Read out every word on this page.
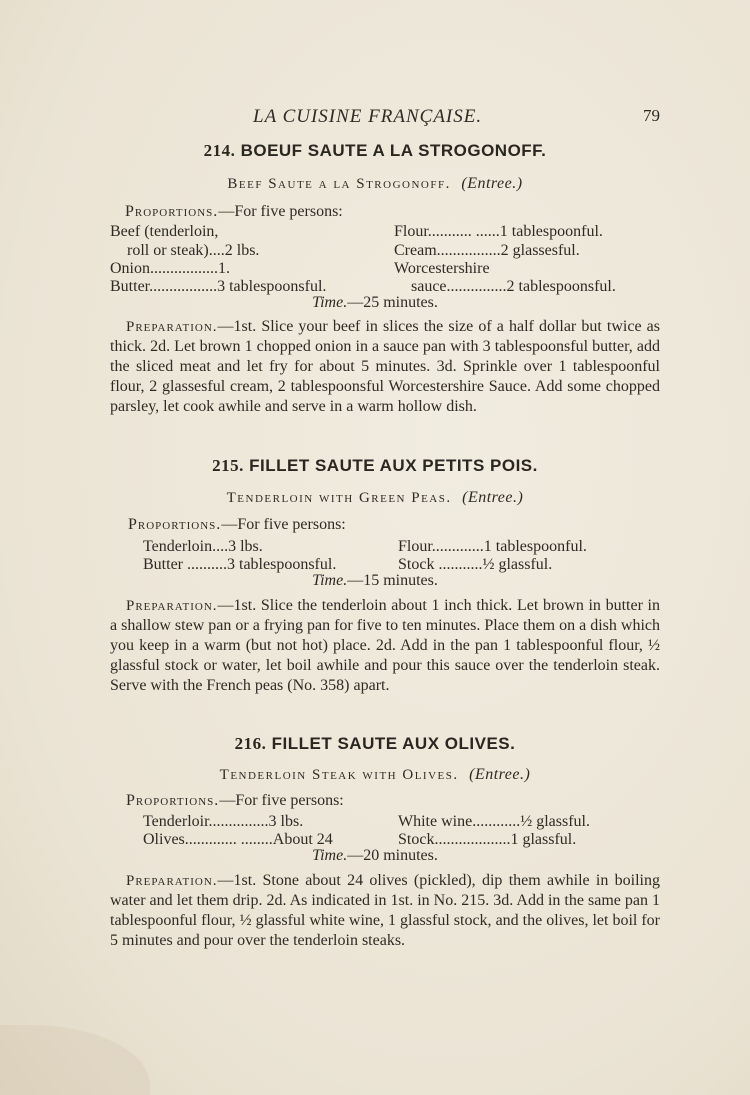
LA CUISINE FRANÇAISE.	79
214. BOEUF SAUTE A LA STROGONOFF.
Beef Saute a la Strogonoff. (Entree.)
Proportions.—For five persons:
Beef (tenderloin,
roll or steak)....2 lbs.
Onion.................1.
Butter.................3 tablespoonsful.
Flour........... ......1 tablespoonful.
Cream................2 glassesful.
Worcestershire
sauce...............2 tablespoonsful.
Time.—25 minutes.
Preparation.—1st. Slice your beef in slices the size of a half dollar but twice as thick. 2d. Let brown 1 chopped onion in a sauce pan with 3 tablespoonsful butter, add the sliced meat and let fry for about 5 minutes. 3d. Sprinkle over 1 tablespoonful flour, 2 glassesful cream, 2 tablespoonsful Worcestershire Sauce. Add some chopped parsley, let cook awhile and serve in a warm hollow dish.
215. FILLET SAUTE AUX PETITS POIS.
Tenderloin with Green Peas. (Entree.)
Proportions.—For five persons:
Tenderloin....3 lbs.
Butter ..........3 tablespoonsful.
Flour.............1 tablespoonful.
Stock ...........½ glassful.
Time.—15 minutes.
Preparation.—1st. Slice the tenderloin about 1 inch thick. Let brown in butter in a shallow stew pan or a frying pan for five to ten minutes. Place them on a dish which you keep in a warm (but not hot) place. 2d. Add in the pan 1 tablespoonful flour, ½ glassful stock or water, let boil awhile and pour this sauce over the tenderloin steak. Serve with the French peas (No. 358) apart.
216. FILLET SAUTE AUX OLIVES.
Tenderloin Steak with Olives. (Entree.)
Proportions.—For five persons:
Tenderloir...............3 lbs.
Olives............. ........About 24
White wine............½ glassful.
Stock...................1 glassful.
Time.—20 minutes.
Preparation.—1st. Stone about 24 olives (pickled), dip them awhile in boiling water and let them drip. 2d. As indicated in 1st. in No. 215. 3d. Add in the same pan 1 tablespoonful flour, ½ glassful white wine, 1 glassful stock, and the olives, let boil for 5 minutes and pour over the tenderloin steaks.
